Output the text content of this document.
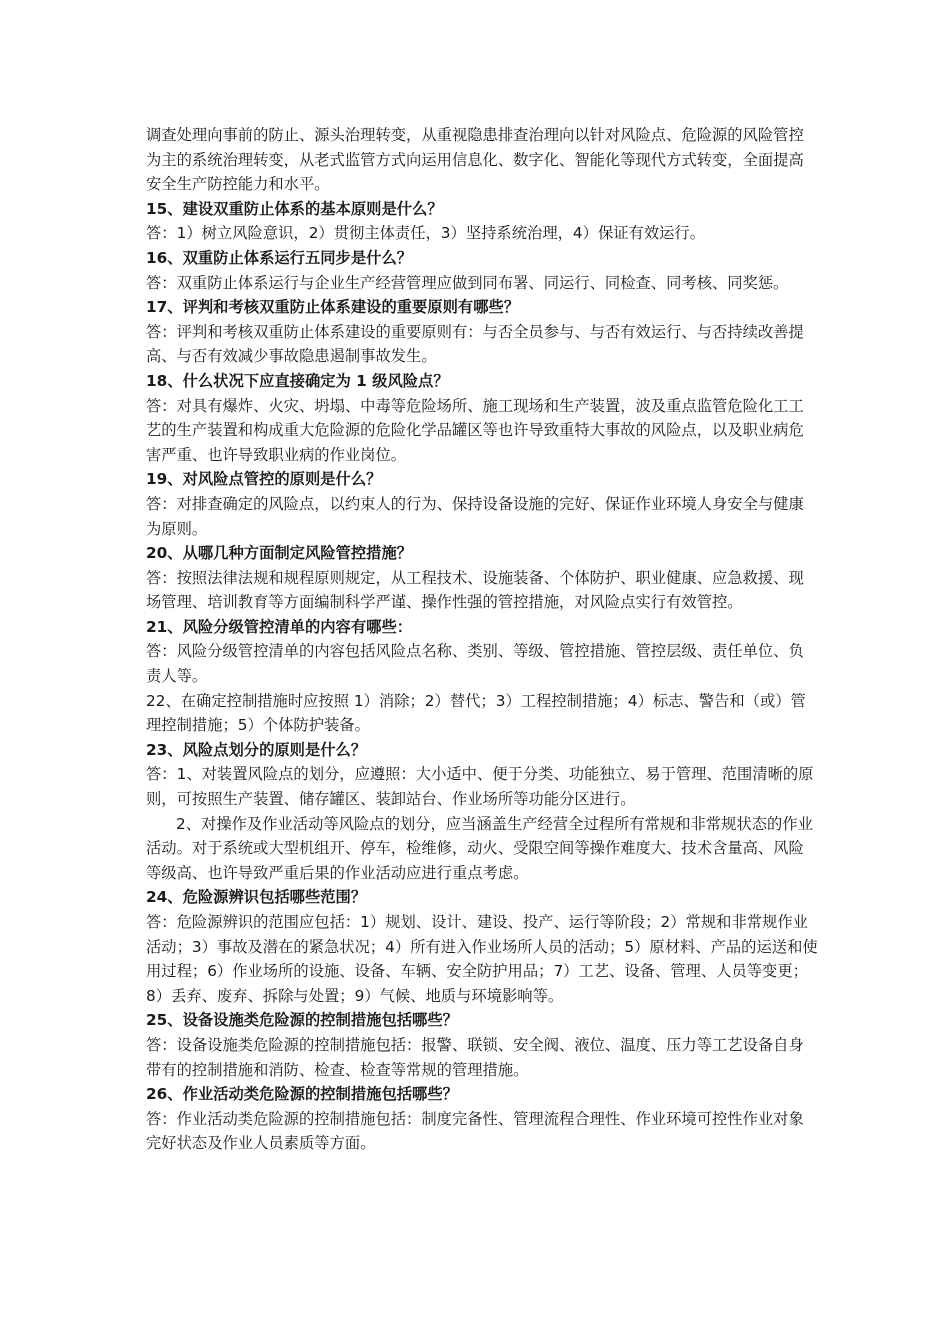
调查处理向事前的防止、源头治理转变，从重视隐患排查治理向以针对风险点、危险源的风险管控为主的系统治理转变，从老式监管方式向运用信息化、数字化、智能化等现代方式转变，全面提高安全生产防控能力和水平。

15、建设双重防止体系的基本原则是什么？

答：1）树立风险意识，2）贯彻主体责任，3）坚持系统治理，4）保证有效运行。

16、双重防止体系运行五同步是什么？

答：双重防止体系运行与企业生产经营管理应做到同布署、同运行、同检查、同考核、同奖惩。

17、评判和考核双重防止体系建设的重要原则有哪些？

答：评判和考核双重防止体系建设的重要原则有：与否全员参与、与否有效运行、与否持续改善提高、与否有效减少事故隐患遏制事故发生。

18、什么状况下应直接确定为 1 级风险点？

答：对具有爆炸、火灾、坍塌、中毒等危险场所、施工现场和生产装置，波及重点监管危险化工工艺的生产装置和构成重大危险源的危险化学品罐区等也许导致重特大事故的风险点，以及职业病危害严重、也许导致职业病的作业岗位。

19、对风险点管控的原则是什么？

答：对排查确定的风险点，以约束人的行为、保持设备设施的完好、保证作业环境人身安全与健康为原则。

20、从哪几种方面制定风险管控措施？

答：按照法律法规和规程原则规定，从工程技术、设施装备、个体防护、职业健康、应急救援、现场管理、培训教育等方面编制科学严谨、操作性强的管控措施，对风险点实行有效管控。

21、风险分级管控清单的内容有哪些：

答：风险分级管控清单的内容包括风险点名称、类别、等级、管控措施、管控层级、责任单位、负责人等。

22、在确定控制措施时应按照 1）消除；2）替代；3）工程控制措施；4）标志、警告和（或）管理控制措施；5）个体防护装备。

23、风险点划分的原则是什么？

答：1、对装置风险点的划分，应遵照：大小适中、便于分类、功能独立、易于管理、范围清晰的原则，可按照生产装置、储存罐区、装卸站台、作业场所等功能分区进行。

2、对操作及作业活动等风险点的划分，应当涵盖生产经营全过程所有常规和非常规状态的作业活动。对于系统或大型机组开、停车，检维修，动火、受限空间等操作难度大、技术含量高、风险等级高、也许导致严重后果的作业活动应进行重点考虑。

24、危险源辨识包括哪些范围？

答：危险源辨识的范围应包括：1）规划、设计、建设、投产、运行等阶段；2）常规和非常规作业活动；3）事故及潜在的紧急状况；4）所有进入作业场所人员的活动；5）原材料、产品的运送和使用过程；6）作业场所的设施、设备、车辆、安全防护用品；7）工艺、设备、管理、人员等变更；8）丢弃、废弃、拆除与处置；9）气候、地质与环境影响等。

25、设备设施类危险源的控制措施包括哪些？

答：设备设施类危险源的控制措施包括：报警、联锁、安全阀、液位、温度、压力等工艺设备自身带有的控制措施和消防、检查、检查等常规的管理措施。

26、作业活动类危险源的控制措施包括哪些？

答：作业活动类危险源的控制措施包括：制度完备性、管理流程合理性、作业环境可控性作业对象完好状态及作业人员素质等方面。
